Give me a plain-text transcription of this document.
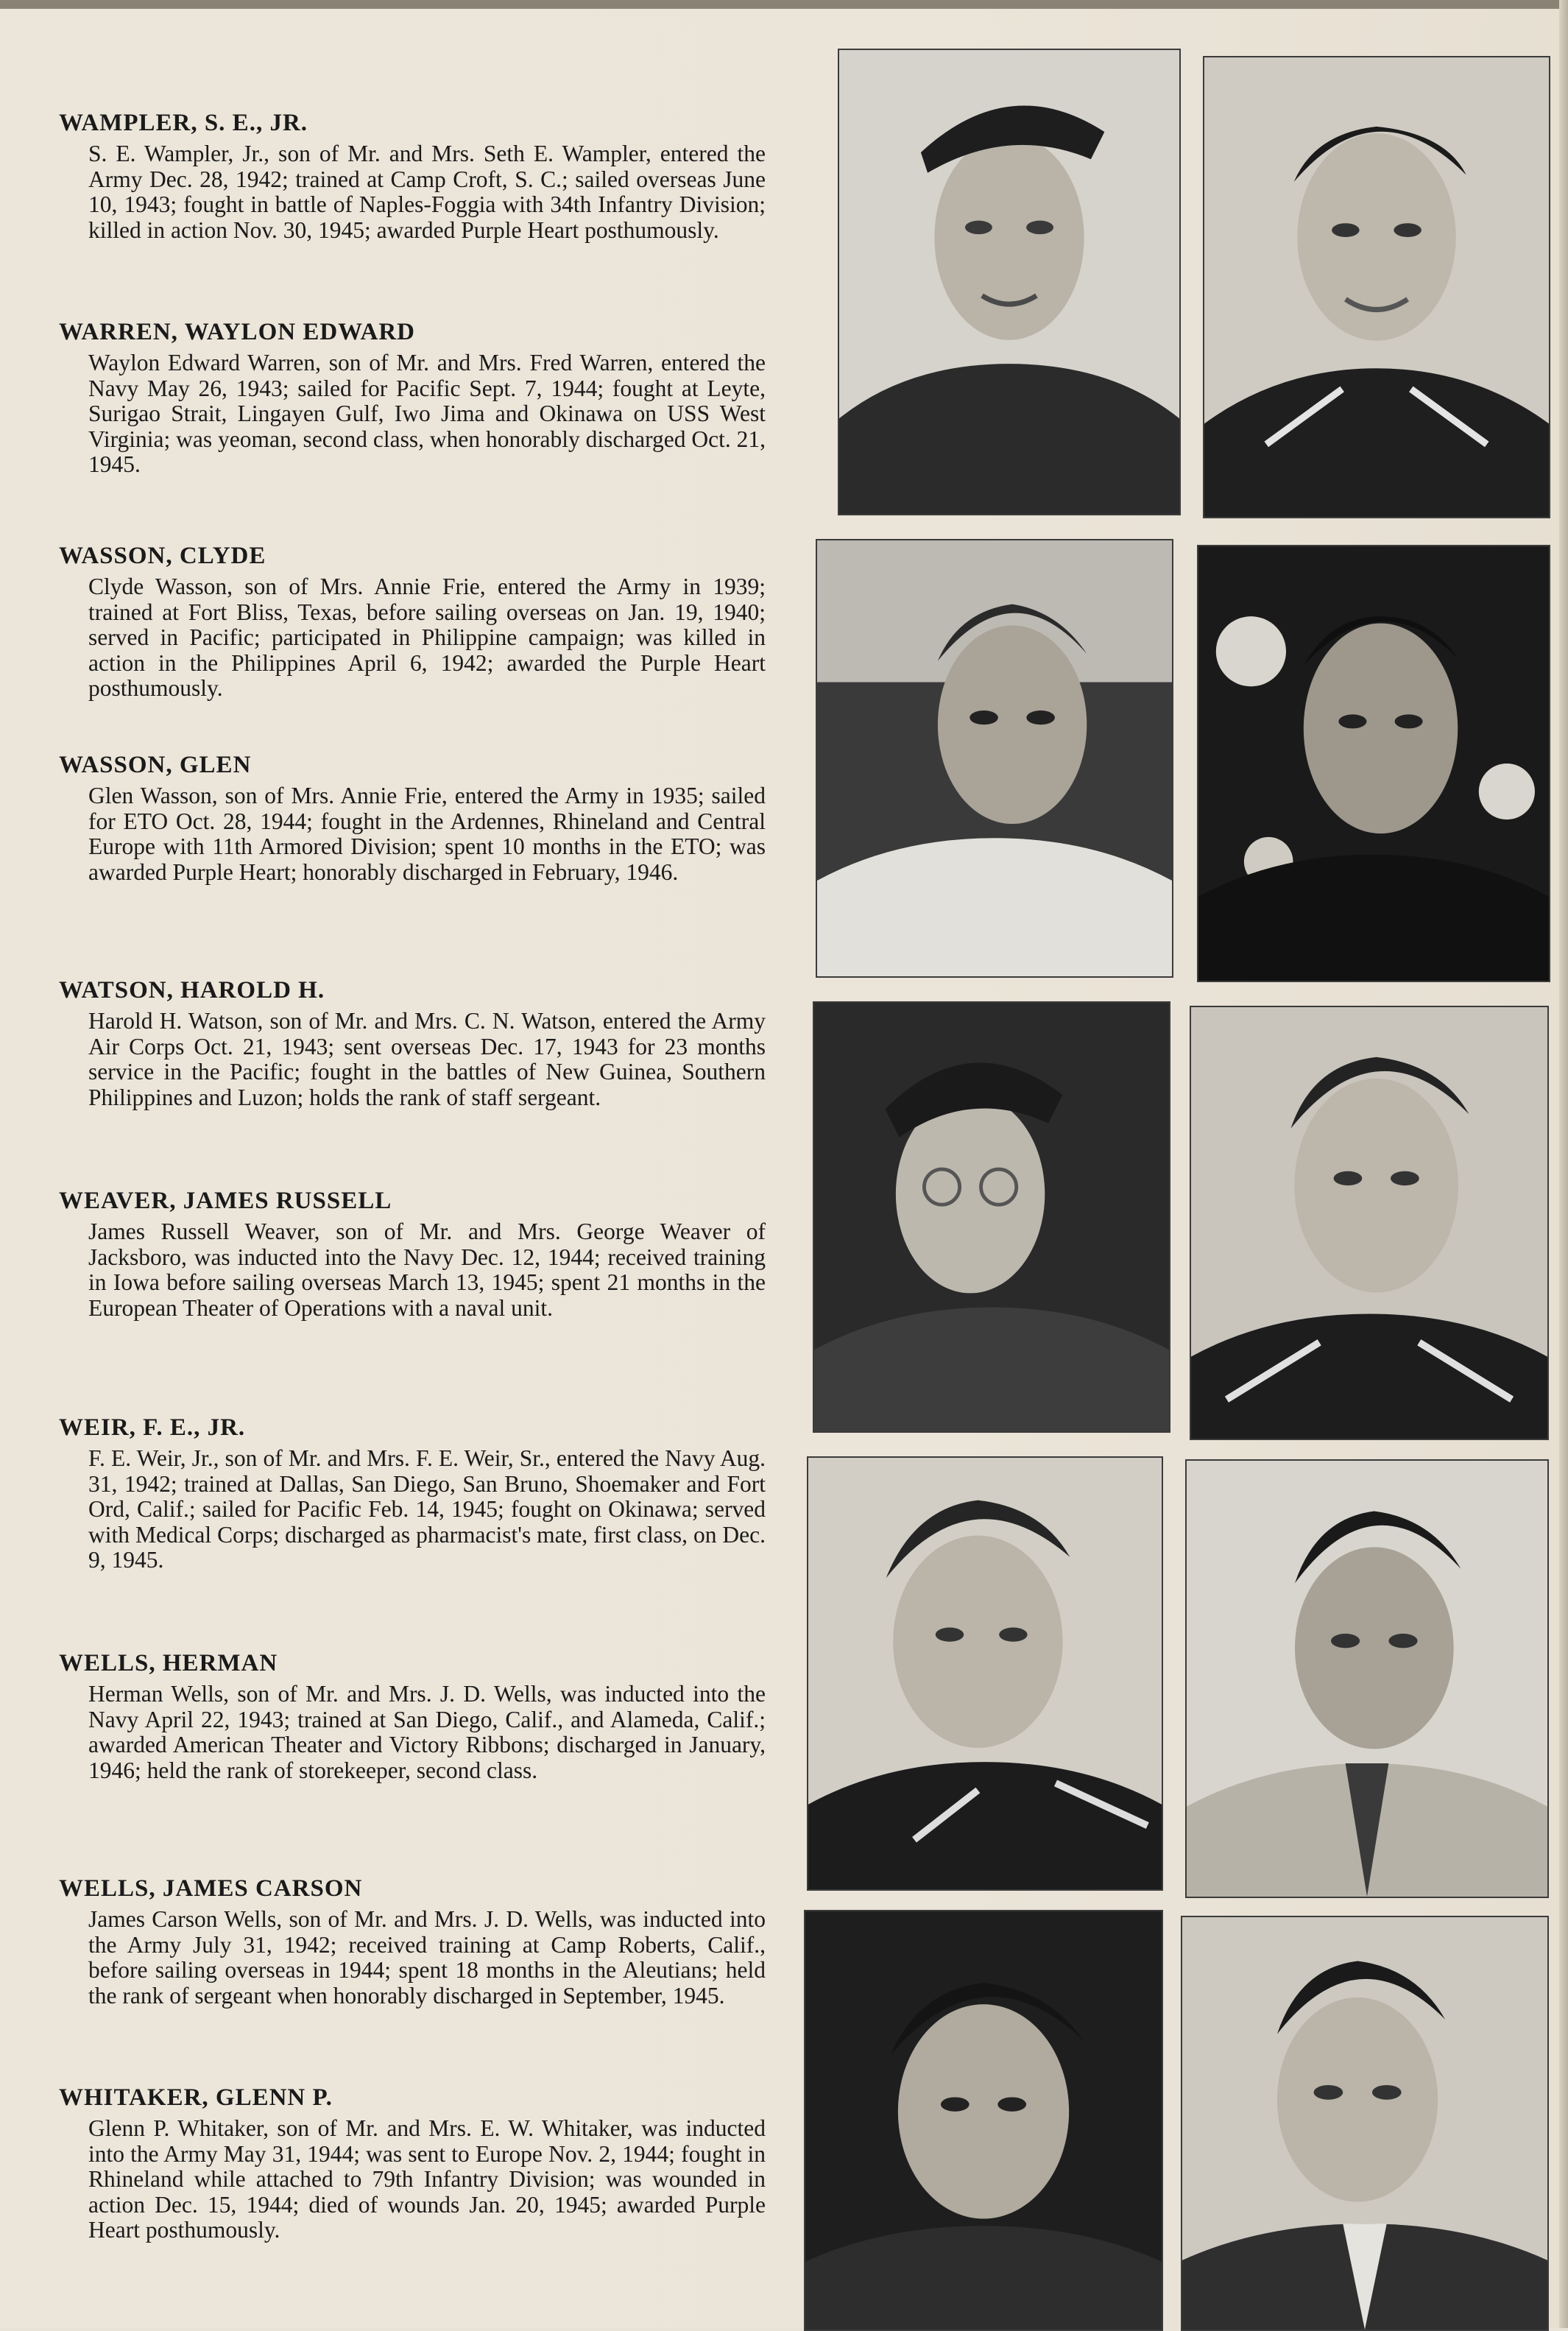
WAMPLER, S. E., JR.
S. E. Wampler, Jr., son of Mr. and Mrs. Seth E. Wampler, entered the Army Dec. 28, 1942; trained at Camp Croft, S. C.; sailed overseas June 10, 1943; fought in battle of Naples-Foggia with 34th Infantry Division; killed in action Nov. 30, 1945; awarded Purple Heart posthumously.
WARREN, WAYLON EDWARD
Waylon Edward Warren, son of Mr. and Mrs. Fred Warren, entered the Navy May 26, 1943; sailed for Pacific Sept. 7, 1944; fought at Leyte, Surigao Strait, Lingayen Gulf, Iwo Jima and Okinawa on USS West Virginia; was yeoman, second class, when honorably discharged Oct. 21, 1945.
WASSON, CLYDE
Clyde Wasson, son of Mrs. Annie Frie, entered the Army in 1939; trained at Fort Bliss, Texas, before sailing overseas on Jan. 19, 1940; served in Pacific; participated in Philippine campaign; was killed in action in the Philippines April 6, 1942; awarded the Purple Heart posthumously.
WASSON, GLEN
Glen Wasson, son of Mrs. Annie Frie, entered the Army in 1935; sailed for ETO Oct. 28, 1944; fought in the Ardennes, Rhineland and Central Europe with 11th Armored Division; spent 10 months in the ETO; was awarded Purple Heart; honorably discharged in February, 1946.
WATSON, HAROLD H.
Harold H. Watson, son of Mr. and Mrs. C. N. Watson, entered the Army Air Corps Oct. 21, 1943; sent overseas Dec. 17, 1943 for 23 months service in the Pacific; fought in the battles of New Guinea, Southern Philippines and Luzon; holds the rank of staff sergeant.
WEAVER, JAMES RUSSELL
James Russell Weaver, son of Mr. and Mrs. George Weaver of Jacksboro, was inducted into the Navy Dec. 12, 1944; received training in Iowa before sailing overseas March 13, 1945; spent 21 months in the European Theater of Operations with a naval unit.
WEIR, F. E., JR.
F. E. Weir, Jr., son of Mr. and Mrs. F. E. Weir, Sr., entered the Navy Aug. 31, 1942; trained at Dallas, San Diego, San Bruno, Shoemaker and Fort Ord, Calif.; sailed for Pacific Feb. 14, 1945; fought on Okinawa; served with Medical Corps; discharged as pharmacist's mate, first class, on Dec. 9, 1945.
WELLS, HERMAN
Herman Wells, son of Mr. and Mrs. J. D. Wells, was inducted into the Navy April 22, 1943; trained at San Diego, Calif., and Alameda, Calif.; awarded American Theater and Victory Ribbons; discharged in January, 1946; held the rank of storekeeper, second class.
WELLS, JAMES CARSON
James Carson Wells, son of Mr. and Mrs. J. D. Wells, was inducted into the Army July 31, 1942; received training at Camp Roberts, Calif., before sailing overseas in 1944; spent 18 months in the Aleutians; held the rank of sergeant when honorably discharged in September, 1945.
WHITAKER, GLENN P.
Glenn P. Whitaker, son of Mr. and Mrs. E. W. Whitaker, was inducted into the Army May 31, 1944; was sent to Europe Nov. 2, 1944; fought in Rhineland while attached to 79th Infantry Division; was wounded in action Dec. 15, 1944; died of wounds Jan. 20, 1945; awarded Purple Heart posthumously.
